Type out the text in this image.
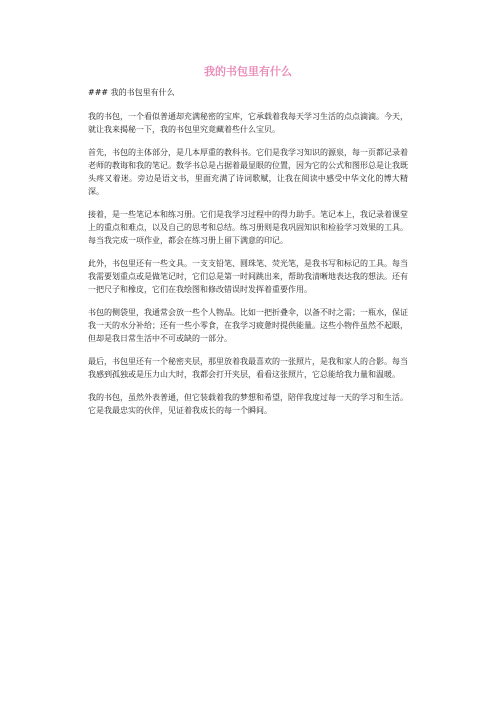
我的书包里有什么
### 我的书包里有什么

我的书包，一个看似普通却充满秘密的宝库，它承载着我每天学习生活的点点滴滴。今天，就让我来揭秘一下，我的书包里究竟藏着些什么宝贝。

首先，书包的主体部分，是几本厚重的教科书。它们是我学习知识的源泉，每一页都记录着老师的教诲和我的笔记。数学书总是占据着最显眼的位置，因为它的公式和图形总是让我既头疼又着迷。旁边是语文书，里面充满了诗词歌赋，让我在阅读中感受中华文化的博大精深。

接着，是一些笔记本和练习册。它们是我学习过程中的得力助手。笔记本上，我记录着课堂上的重点和难点，以及自己的思考和总结。练习册则是我巩固知识和检验学习效果的工具。每当我完成一项作业，都会在练习册上留下满意的印记。

此外，书包里还有一些文具。一支支铅笔、圆珠笔、荧光笔，是我书写和标记的工具。每当我需要划重点或是做笔记时，它们总是第一时间跳出来，帮助我清晰地表达我的想法。还有一把尺子和橡皮，它们在我绘图和修改错误时发挥着重要作用。

书包的侧袋里，我通常会放一些个人物品。比如一把折叠伞，以备不时之需；一瓶水，保证我一天的水分补给；还有一些小零食，在我学习疲惫时提供能量。这些小物件虽然不起眼，但却是我日常生活中不可或缺的一部分。

最后，书包里还有一个秘密夹层，那里放着我最喜欢的一张照片，是我和家人的合影。每当我感到孤独或是压力山大时，我都会打开夹层，看看这张照片，它总能给我力量和温暖。

我的书包，虽然外表普通，但它装载着我的梦想和希望，陪伴我度过每一天的学习和生活。它是我最忠实的伙伴，见证着我成长的每一个瞬间。
